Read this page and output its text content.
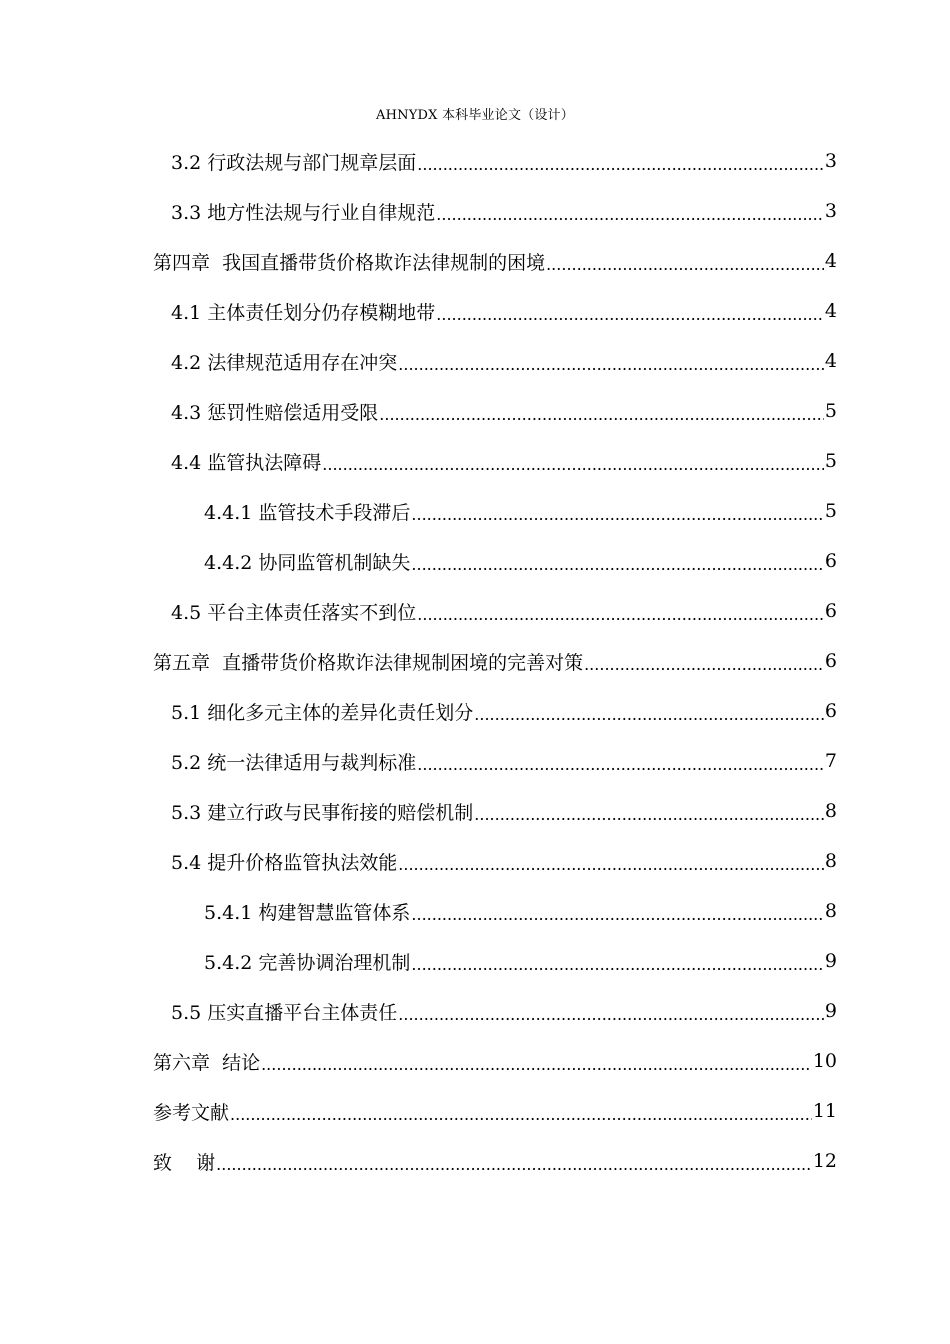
AHNYDX 本科毕业论文（设计）
3.2 行政法规与部门规章层面 .....	3
3.3 地方性法规与行业自律规范 .....	3
第四章  我国直播带货价格欺诈法律规制的困境 .....	4
4.1 主体责任划分仍存模糊地带 .....	4
4.2 法律规范适用存在冲突 .....	4
4.3 惩罚性赔偿适用受限 .....	5
4.4 监管执法障碍 .....	5
4.4.1 监管技术手段滞后 .....	5
4.4.2 协同监管机制缺失 .....	6
4.5 平台主体责任落实不到位 .....	6
第五章  直播带货价格欺诈法律规制困境的完善对策 .....	6
5.1 细化多元主体的差异化责任划分 .....	6
5.2 统一法律适用与裁判标准 .....	7
5.3 建立行政与民事衔接的赔偿机制 .....	8
5.4 提升价格监管执法效能 .....	8
5.4.1 构建智慧监管体系 .....	8
5.4.2 完善协调治理机制 .....	9
5.5 压实直播平台主体责任 .....	9
第六章  结论 .....	10
参考文献 .....	11
致    谢 .....	12
